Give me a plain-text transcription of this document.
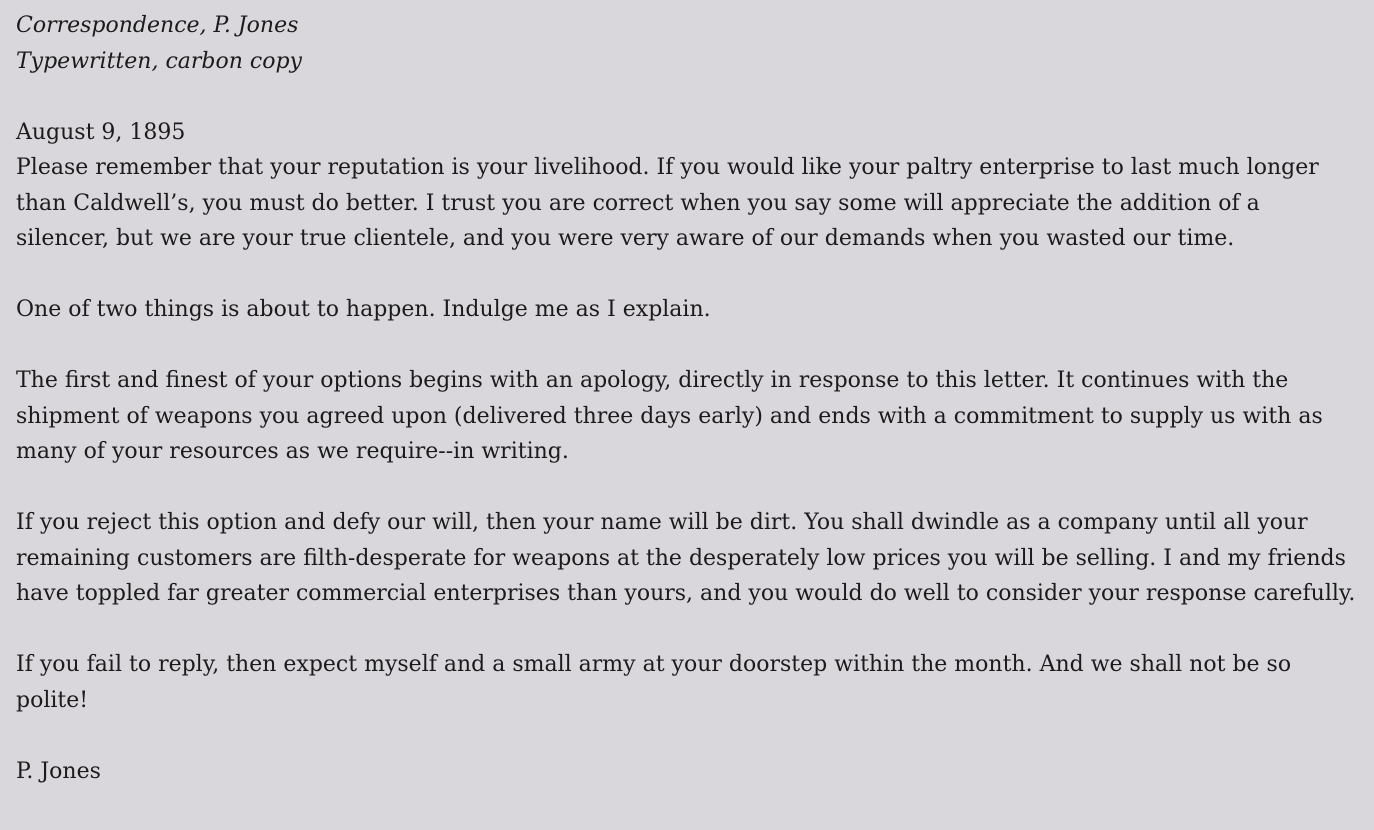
Correspondence, P. Jones
Typewritten, carbon copy
August 9, 1895

Please remember that your reputation is your livelihood. If you would like your paltry enterprise to last much longer than Caldwell’s, you must do better. I trust you are correct when you say some will appreciate the addition of a silencer, but we are your true clientele, and you were very aware of our demands when you wasted our time.

One of two things is about to happen. Indulge me as I explain.

The first and finest of your options begins with an apology, directly in response to this letter. It continues with the shipment of weapons you agreed upon (delivered three days early) and ends with a commitment to supply us with as many of your resources as we require--in writing.

If you reject this option and defy our will, then your name will be dirt. You shall dwindle as a company until all your remaining customers are filth-desperate for weapons at the desperately low prices you will be selling. I and my friends have toppled far greater commercial enterprises than yours, and you would do well to consider your response carefully.

If you fail to reply, then expect myself and a small army at your doorstep within the month. And we shall not be so polite!

P. Jones
